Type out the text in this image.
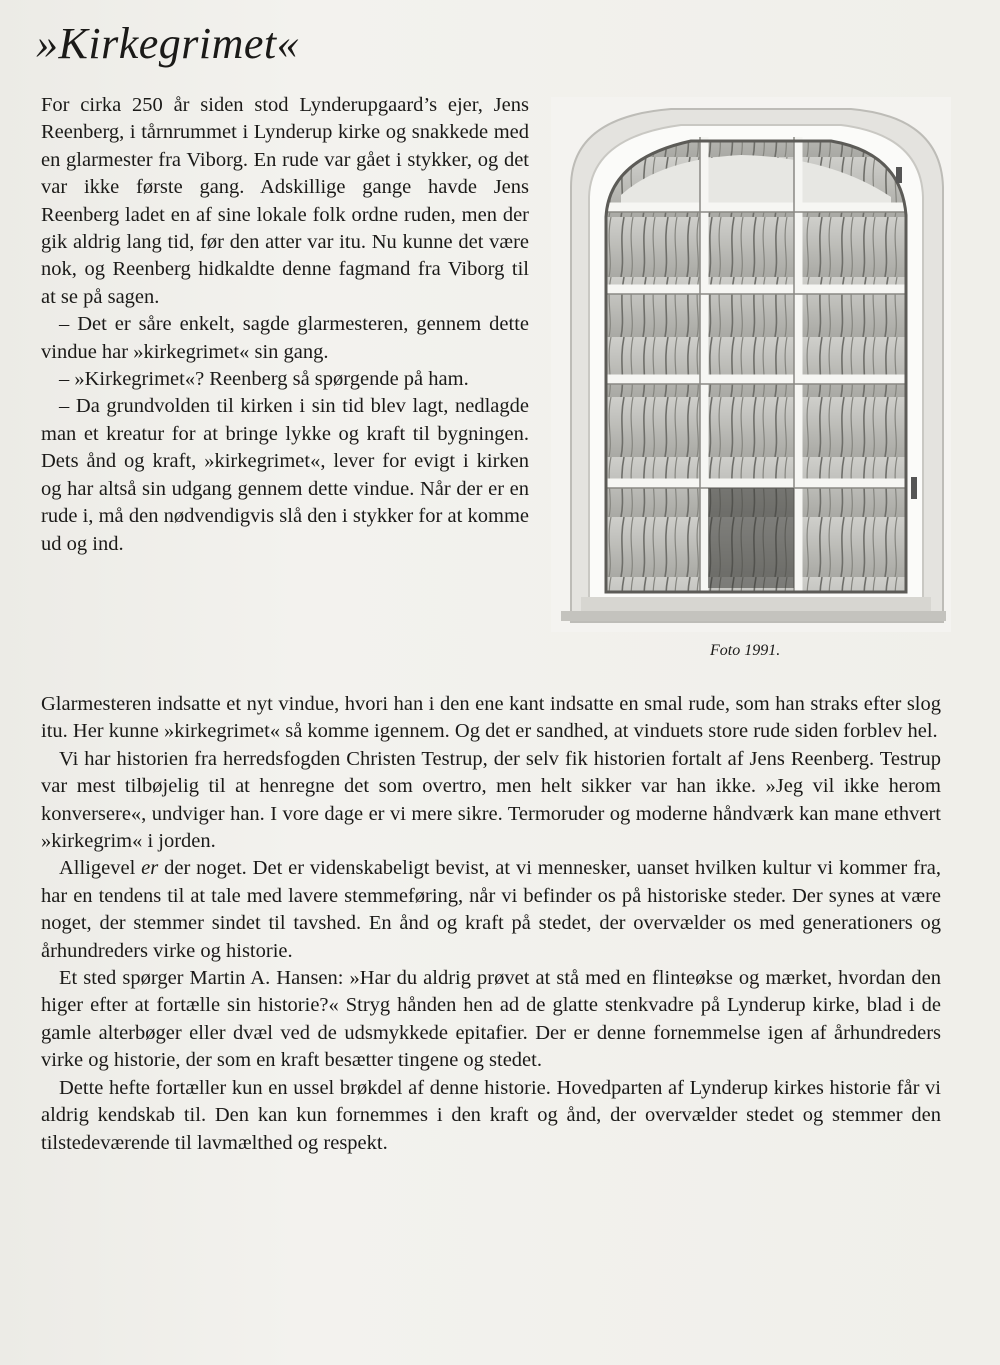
»Kirkegrimet«

For cirka 250 år siden stod Lynderupgaard’s ejer, Jens Reenberg, i tårnrummet i Lynderup kirke og snakkede med en glarmester fra Viborg. En rude var gået i stykker, og det var ikke første gang. Adskillige gange havde Jens Reenberg ladet en af sine lokale folk ordne ruden, men der gik aldrig lang tid, før den atter var itu. Nu kunne det være nok, og Reenberg hidkaldte denne fagmand fra Viborg til at se på sagen.

– Det er såre enkelt, sagde glarmesteren, gennem dette vindue har »kirkegrimet« sin gang.

– »Kirkegrimet«? Reenberg så spørgende på ham.

– Da grundvolden til kirken i sin tid blev lagt, nedlagde man et kreatur for at bringe lykke og kraft til bygningen. Dets ånd og kraft, »kirkegrimet«, lever for evigt i kirken og har altså sin udgang gennem dette vindue. Når der er en rude i, må den nødvendigvis slå den i stykker for at komme ud og ind.

Foto 1991.

Glarmesteren indsatte et nyt vindue, hvori han i den ene kant indsatte en smal rude, som han straks efter slog itu. Her kunne »kirkegrimet« så komme igennem. Og det er sandhed, at vinduets store rude siden forblev hel.

Vi har historien fra herredsfogden Christen Testrup, der selv fik historien fortalt af Jens Reenberg. Testrup var mest tilbøjelig til at henregne det som overtro, men helt sikker var han ikke. »Jeg vil ikke herom konversere«, undviger han. I vore dage er vi mere sikre. Termoruder og moderne håndværk kan mane ethvert »kirkegrim« i jorden.

Alligevel er der noget. Det er videnskabeligt bevist, at vi mennesker, uanset hvilken kultur vi kommer fra, har en tendens til at tale med lavere stemmeføring, når vi befinder os på historiske steder. Der synes at være noget, der stemmer sindet til tavshed. En ånd og kraft på stedet, der overvælder os med generationers og århundreders virke og historie.

Et sted spørger Martin A. Hansen: »Har du aldrig prøvet at stå med en flinteøkse og mærket, hvordan den higer efter at fortælle sin historie?« Stryg hånden hen ad de glatte stenkvadre på Lynderup kirke, blad i de gamle alterbøger eller dvæl ved de udsmykkede epitafier. Der er denne fornemmelse igen af århundreders virke og historie, der som en kraft besætter tingene og stedet.

Dette hefte fortæller kun en ussel brøkdel af denne historie. Hovedparten af Lynderup kirkes historie får vi aldrig kendskab til. Den kan kun fornemmes i den kraft og ånd, der overvælder stedet og stemmer den tilstedeværende til lavmælthed og respekt.
